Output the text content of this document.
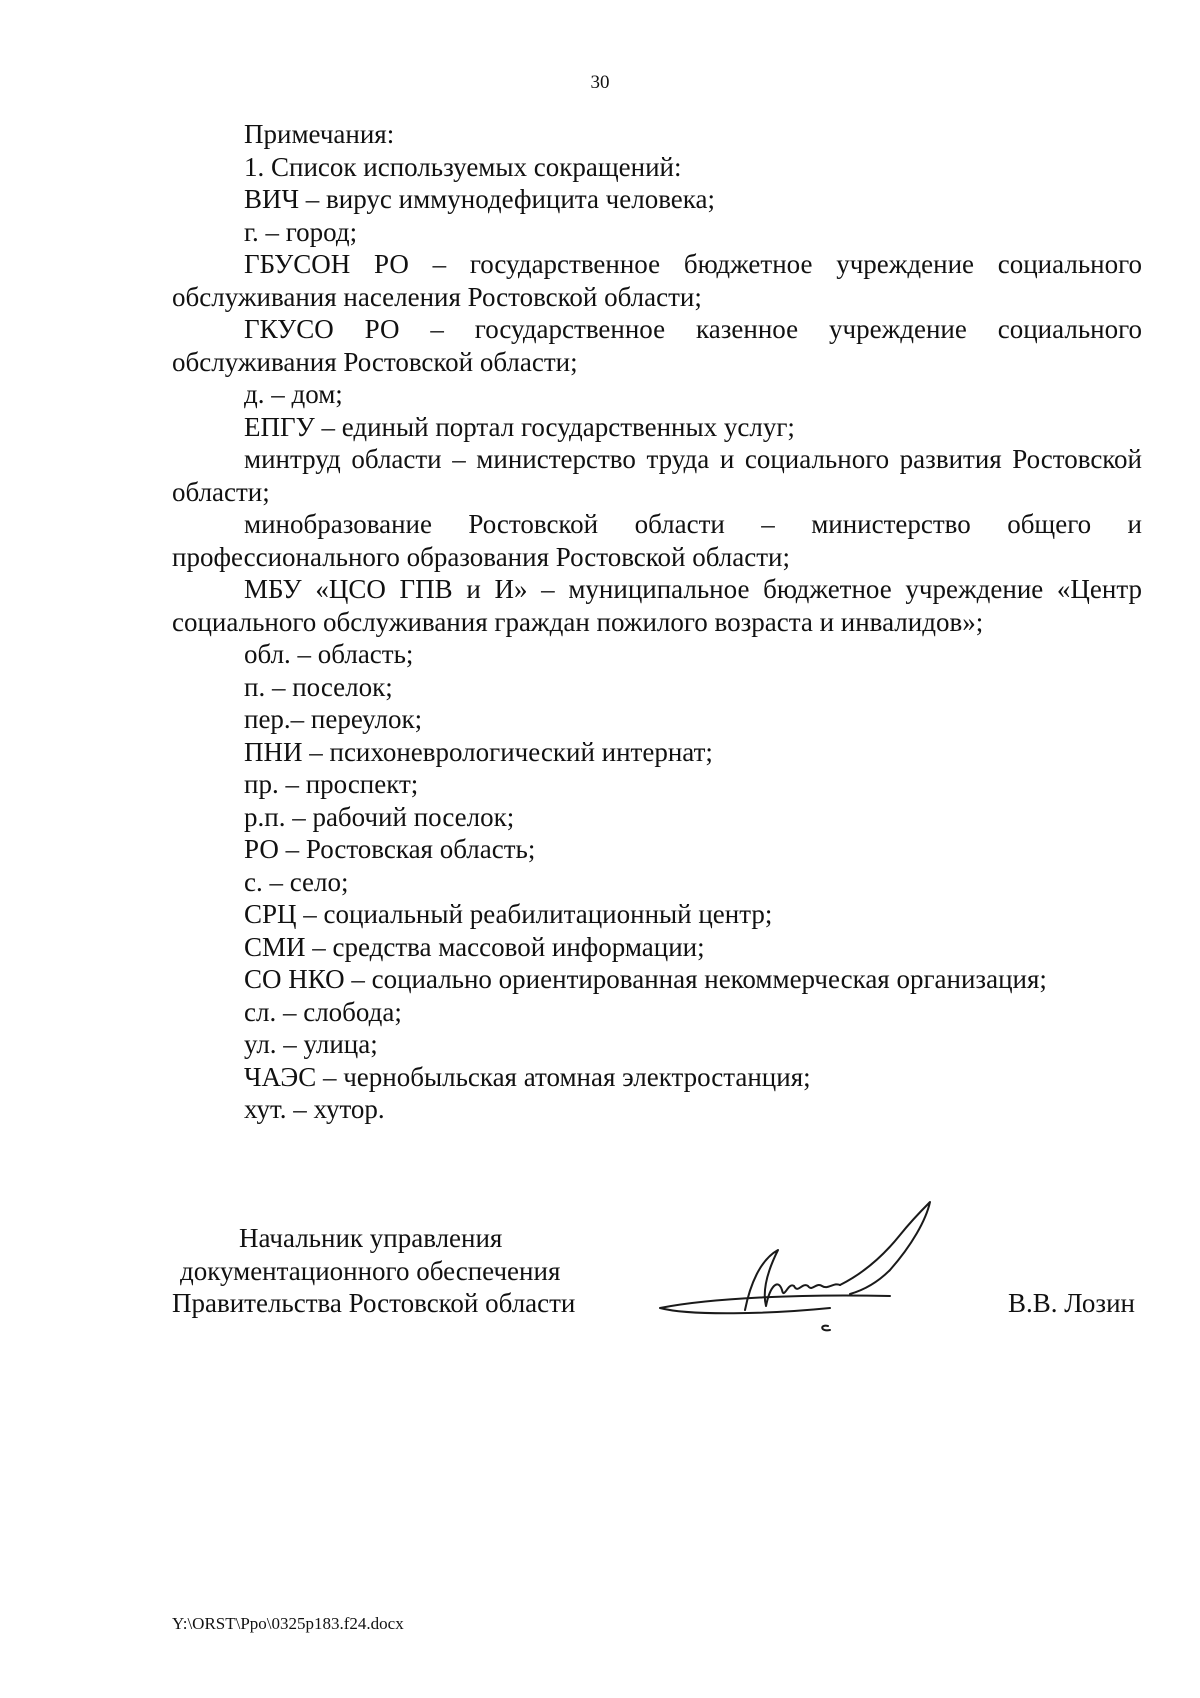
30

Примечания:

1. Список используемых сокращений:

ВИЧ – вирус иммунодефицита человека;

г. – город;

ГБУСОН РО – государственное бюджетное учреждение социального обслуживания населения Ростовской области;

ГКУСО РО – государственное казенное учреждение социального обслуживания Ростовской области;

д. – дом;

ЕПГУ – единый портал государственных услуг;

минтруд области – министерство труда и социального развития Ростовской области;

минобразование Ростовской области – министерство общего и профессионального образования Ростовской области;

МБУ «ЦСО ГПВ и И» – муниципальное бюджетное учреждение «Центр социального обслуживания граждан пожилого возраста и инвалидов»;

обл. – область;

п. – поселок;

пер.– переулок;

ПНИ – психоневрологический интернат;

пр. – проспект;

р.п. – рабочий поселок;

РО – Ростовская область;

с. – село;

СРЦ – социальный реабилитационный центр;

СМИ – средства массовой информации;

СО НКО – социально ориентированная некоммерческая организация;

сл. – слобода;

ул. – улица;

ЧАЭС – чернобыльская атомная электростанция;

хут. – хутор.

Начальник управления
документационного обеспечения
Правительства Ростовской области	В.В. Лозин
Y:\ORST\Ppo\0325p183.f24.docx
